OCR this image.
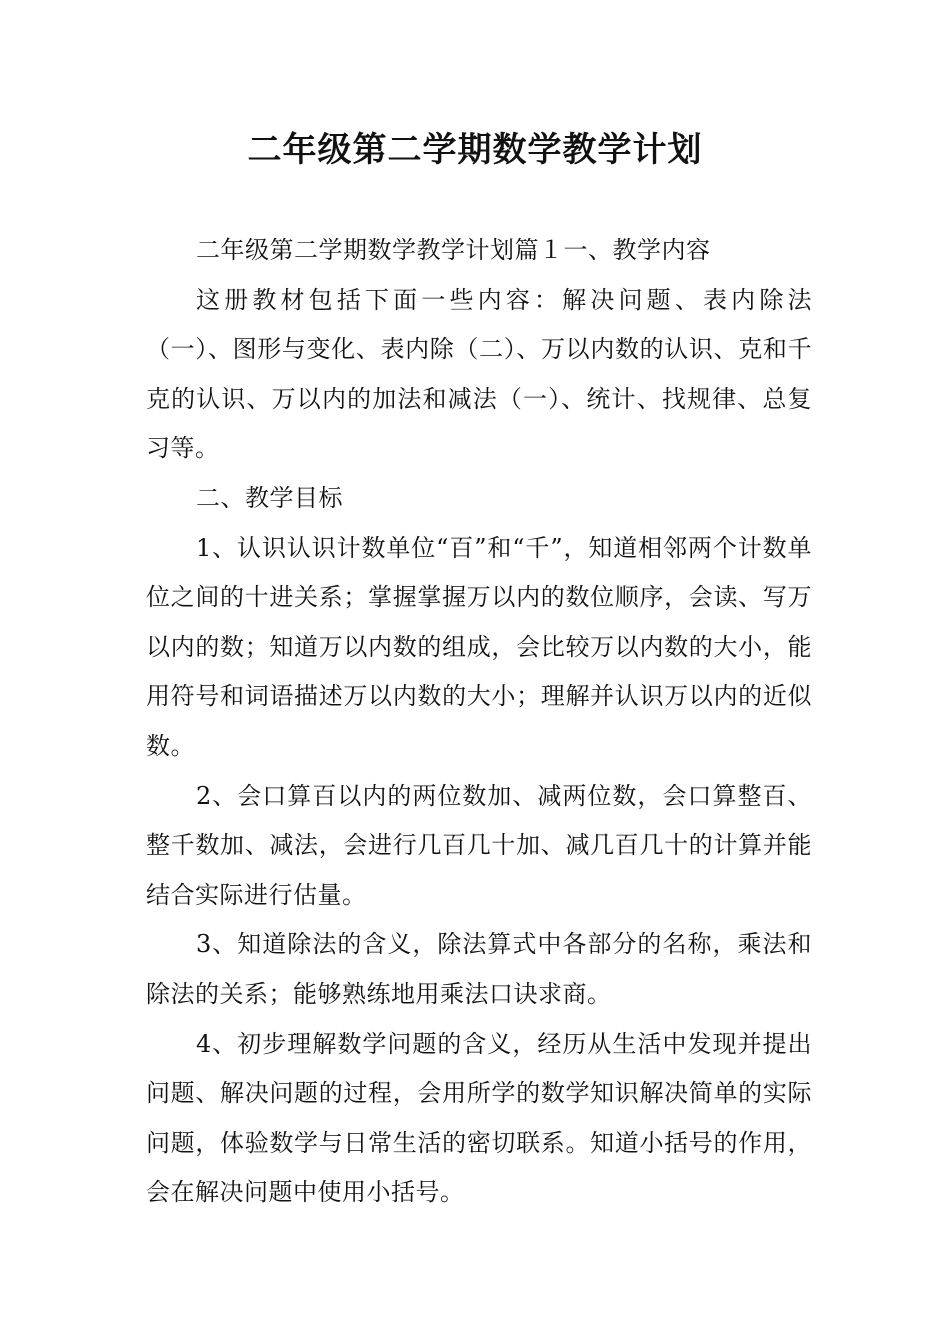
二年级第二学期数学教学计划

二年级第二学期数学教学计划篇１一、教学内容

这册教材包括下面一些内容：解决问题、表内除法（一）、图形与变化、表内除（二）、万以内数的认识、克和千克的认识、万以内的加法和减法（一）、统计、找规律、总复习等。

二、教学目标

1、认识认识计数单位“百”和“千”，知道相邻两个计数单位之间的十进关系；掌握掌握万以内的数位顺序，会读、写万以内的数；知道万以内数的组成，会比较万以内数的大小，能用符号和词语描述万以内数的大小；理解并认识万以内的近似数。

2、会口算百以内的两位数加、减两位数，会口算整百、整千数加、减法，会进行几百几十加、减几百几十的计算并能结合实际进行估量。

3、知道除法的含义，除法算式中各部分的名称，乘法和除法的关系；能够熟练地用乘法口诀求商。

4、初步理解数学问题的含义，经历从生活中发现并提出问题、解决问题的过程，会用所学的数学知识解决简单的实际问题，体验数学与日常生活的密切联系。知道小括号的作用，会在解决问题中使用小括号。
